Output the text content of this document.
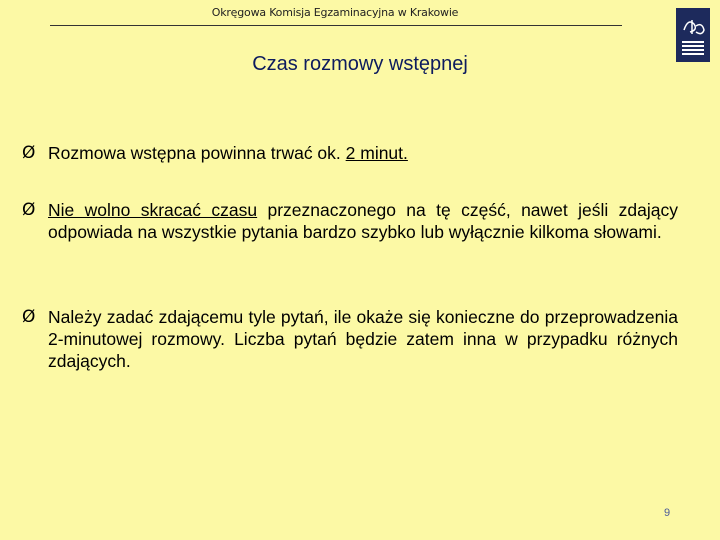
Okręgowa Komisja Egzaminacyjna w Krakowie
Czas rozmowy wstępnej
Ø Rozmowa wstępna powinna trwać ok. 2 minut.
Ø Nie wolno skracać czasu przeznaczonego na tę część, nawet jeśli zdający odpowiada na wszystkie pytania bardzo szybko lub wyłącznie kilkoma słowami.
Ø Należy zadać zdającemu tyle pytań, ile okaże się konieczne do przeprowadzenia 2-minutowej rozmowy. Liczba pytań będzie zatem inna w przypadku różnych zdających.
9
